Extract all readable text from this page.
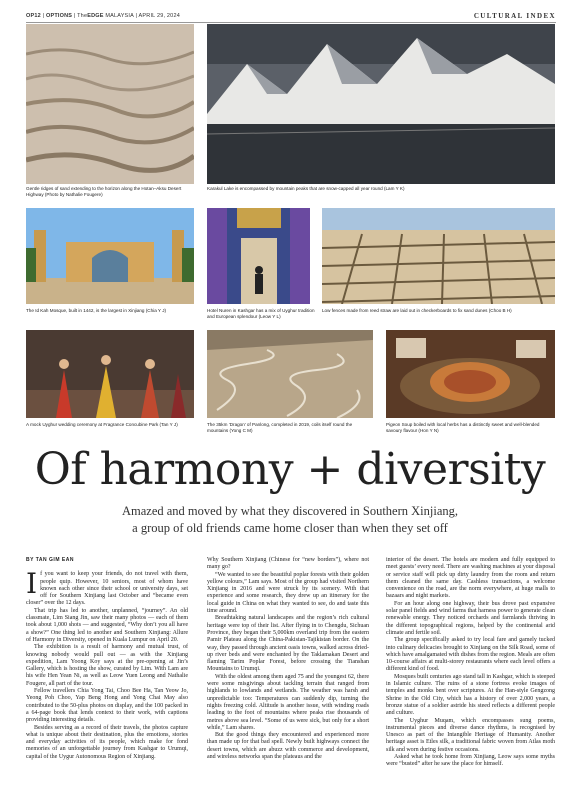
OP12 | OPTIONS | TheEDGE MALAYSIA | APRIL 29, 2024	CULTURAL INDEX
Gentle ridges of sand extending to the horizon along the Hotan–Aksu Desert Highway (Photo by Nathalie Fougere)
Karakul Lake is encompassed by mountain peaks that are snow-capped all year round (Lam Y K)
The Id Kah Mosque, built in 1442, is the largest in Xinjiang (Chia Y J)	Hotel Nuren in Kashgar has a mix of Uyghur tradition and European splendour (Leow Y L)
Low fences made from reed straw are laid out in checkerboards to fix sand dunes (Choo B H)
A mock Uyghur wedding ceremony at Fragrance Concubine Park (Tan Y J)	The 35km ‘Dragon’ of Panlong, completed in 2019, coils itself round the mountains (Yong C M)
Pigeon Soup boiled with local herbs has a distinctly sweet and well-blended savoury flavour (Hon Y N)
Of harmony + diversity
Amazed and moved by what they discovered in Southern Xinjiang,
a group of old friends came home closer than when they set off
BY TAN GIM EAN

If you want to keep your friends, do not travel with them, people quip. However, 10 seniors, most of whom have known each other since their school or university days, set off for Southern Xinjiang last October and “became even closer” over the 12 days.

That trip has led to another, unplanned, “journey”. An old classmate, Lim Siang Jin, saw their many photos — each of them took about 1,000 shots — and suggested, “Why don’t you all have a show?” One thing led to another and Southern Xinjiang: Allure of Harmony in Diversity, opened in Kuala Lumpur on April 20.

The exhibition is a result of harmony and mutual trust, of knowing nobody would pull out — as with the Xinjiang expedition, Lam Yoong Koy says at the pre-opening at Jin’s Gallery, which is hosting the show, curated by Lim. With Lam are his wife Hen Yean Ni, as well as Leow Yuen Leong and Nathalie Fougere, all part of the tour.

Fellow travellers Chia Yong Tai, Choo Bee Ha, Tan Yeow Jo, Yeong Poh Choo, Yap Beng Hong and Yong Chai May also contributed to the 50-plus photos on display, and the 100 packed in a 64-page book that lends context to their work, with captions providing interesting details.

Besides serving as a record of their travels, the photos capture what is unique about their destination, plus the emotions, stories and everyday activities of its people, which make for fond memories of an unforgettable journey from Kashgar to Urumqi, capital of the Uygur Autonomous Region of Xinjiang.

Why Southern Xinjiang (Chinese for “new borders”), where not many go?

“We wanted to see the beautiful poplar forests with their golden yellow colours,” Lam says. Most of the group had visited Northern Xinjiang in 2016 and were struck by its scenery. With that experience and some research, they drew up an itinerary for the local guide in China on what they wanted to see, do and taste this time around.

Breathtaking natural landscapes and the region’s rich cultural heritage were top of their list. After flying in to Chengdu, Sichuan Province, they began their 5,000km overland trip from the eastern Pamir Plateau along the China-Pakistan-Tajikistan border. On the way, they passed through ancient oasis towns, walked across dried-up river beds and were enchanted by the Taklamakan Desert and flaming Tarim Poplar Forest, before crossing the Tianshan Mountains to Urumqi.

With the oldest among them aged 75 and the youngest 62, there were some misgivings about tackling terrain that ranged from highlands to lowlands and wetlands. The weather was harsh and unpredictable too: Temperatures can suddenly dip, turning the nights freezing cold. Altitude is another issue, with winding roads leading to the foot of mountains where peaks rise thousands of metres above sea level. “Some of us were sick, but only for a short while,” Lam shares.

But the good things they encountered and experienced more than made up for that bad spell. Newly built highways connect the desert towns, which are abuzz with commerce and development, and wireless networks span the plateaus and the

interior of the desert. The hotels are modern and fully equipped to meet guests’ every need. There are washing machines at your disposal or service staff will pick up dirty laundry from the room and return them cleaned the same day. Cashless transactions, a welcome convenience on the road, are the norm everywhere, at huge malls to bazaars and night markets.

For an hour along one highway, their bus drove past expansive solar panel fields and wind farms that harness power to generate clean renewable energy. They noticed orchards and farmlands thriving in the different topographical regions, helped by the continental arid climate and fertile soil.

The group specifically asked to try local fare and gamely tucked into culinary delicacies brought to Xinjiang on the Silk Road, some of which have amalgamated with dishes from the region. Meals are often 10-course affairs at multi-storey restaurants where each level offers a different kind of food.

Mosques built centuries ago stand tall in Kashgar, which is steeped in Islamic culture. The ruins of a stone fortress evoke images of temples and monks bent over scriptures. At the Han-style Gengzong Shrine in the Old City, which has a history of over 2,000 years, a bronze statue of a soldier astride his steed reflects a different people and culture.

The Uyghur Muqam, which encompasses sung poems, instrumental pieces and diverse dance rhythms, is recognised by Unesco as part of the Intangible Heritage of Humanity. Another heritage asset is Etles silk, a traditional fabric woven from Atlas moth silk and worn during festive occasions.

Asked what he took home from Xinjiang, Leow says some myths were “busted” after he saw the place for himself.
